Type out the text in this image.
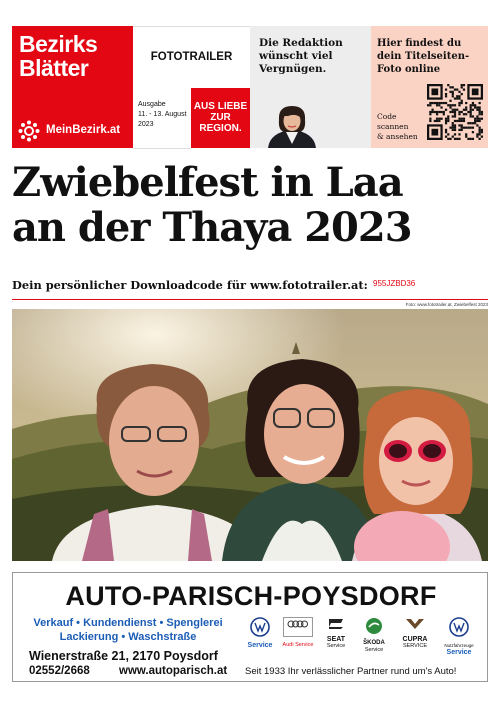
Bezirks
Blätter
MeinBezirk.at
FOTOTRAILER
Ausgabe
11. - 13. August
2023
AUS LIEBE
ZUR
REGION.
Die Redaktion
wünscht viel
Vergnügen.
Hier findest du
dein Titelseiten-
Foto online
Code
scannen
& ansehen
Zwiebelfest in Laa
an der Thaya 2023
Dein persönlicher Downloadcode für www.fototrailer.at: 955JZBD36
Foto: www.fototrailer.at, Zwiebelfest 2023
AUTO-PARISCH-POYSDORF
Verkauf • Kundendienst • Spenglerei
Lackierung • Waschstraße
Wienerstraße 21, 2170 Poysdorf
02552/2668	www.autoparisch.at Seit 1933 Ihr verlässlicher Partner rund um's Auto!
Service	Audi Service
SEAT
Service	ŠKODA
Service
CUPRA
SERVICE	Nutzfahrzeuge
Service
